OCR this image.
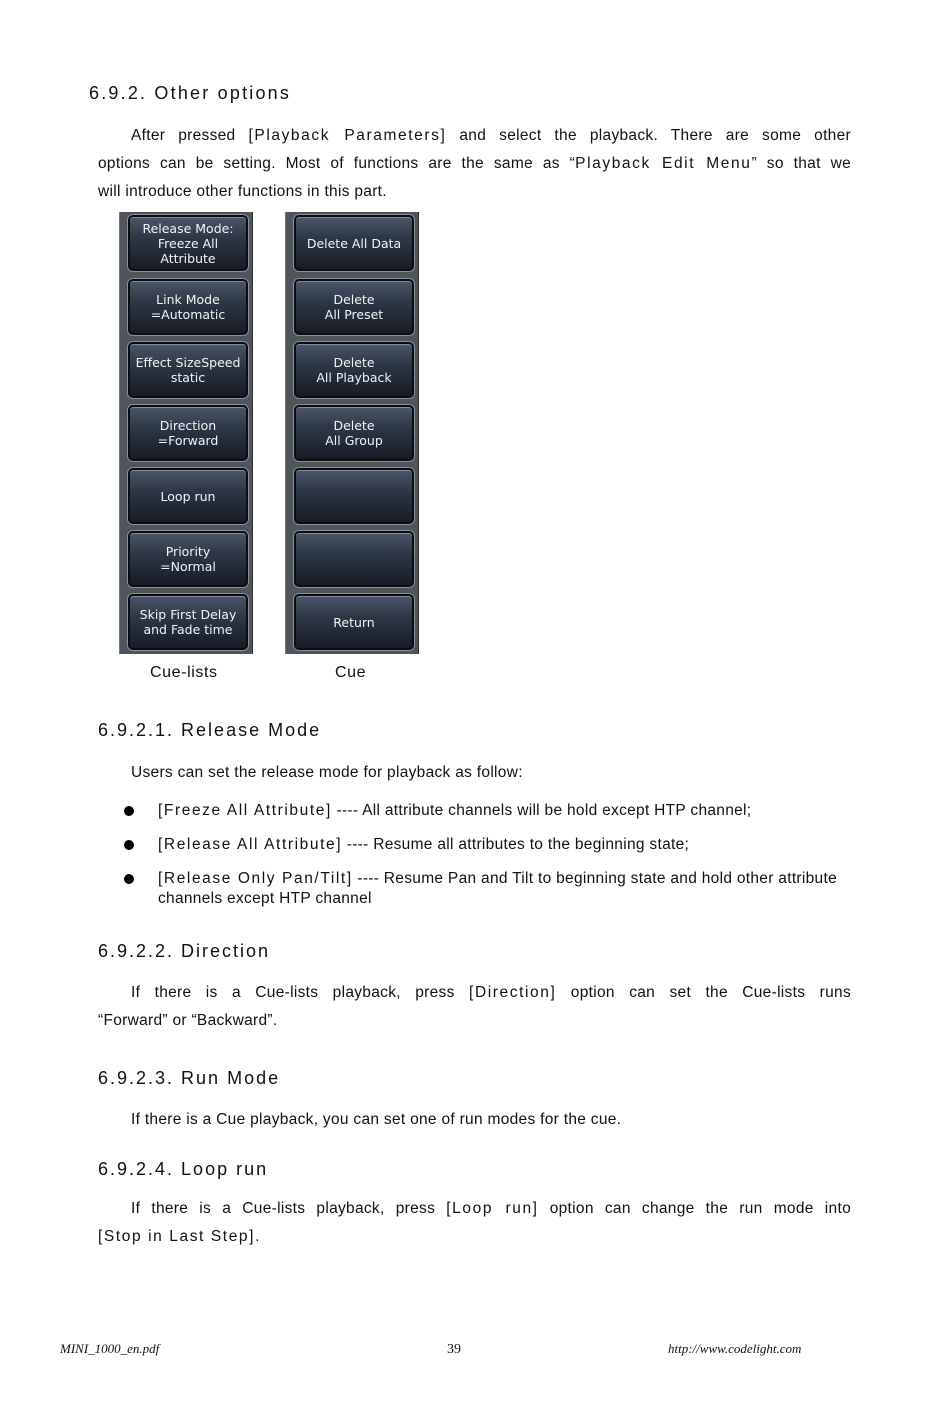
6.9.2. Other options
After pressed [Playback Parameters] and select the playback. There are some other
options can be setting. Most of functions are the same as “Playback Edit Menu” so that we
will introduce other functions in this part.
Release Mode:
Freeze All
Attribute
Link Mode
=Automatic
Effect SizeSpeed
static
Direction
=Forward
Loop run
Priority
=Normal
Skip First Delay
and Fade time
Delete All Data
Delete
All Preset
Delete
All Playback
Delete
All Group
Return
Cue-lists	Cue
6.9.2.1. Release Mode
Users can set the release mode for playback as follow:
[Freeze All Attribute] ---- All attribute channels will be hold except HTP channel;
[Release All Attribute] ---- Resume all attributes to the beginning state;
[Release Only Pan/Tilt] ---- Resume Pan and Tilt to beginning state and hold other attribute channels except HTP channel
6.9.2.2. Direction
If there is a Cue-lists playback, press [Direction] option can set the Cue-lists runs
“Forward” or “Backward”.
6.9.2.3. Run Mode
If there is a Cue playback, you can set one of run modes for the cue.
6.9.2.4. Loop run
If there is a Cue-lists playback, press [Loop run] option can change the run mode into
[Stop in Last Step].
MINI_1000_en.pdf	39	http://www.codelight.com
